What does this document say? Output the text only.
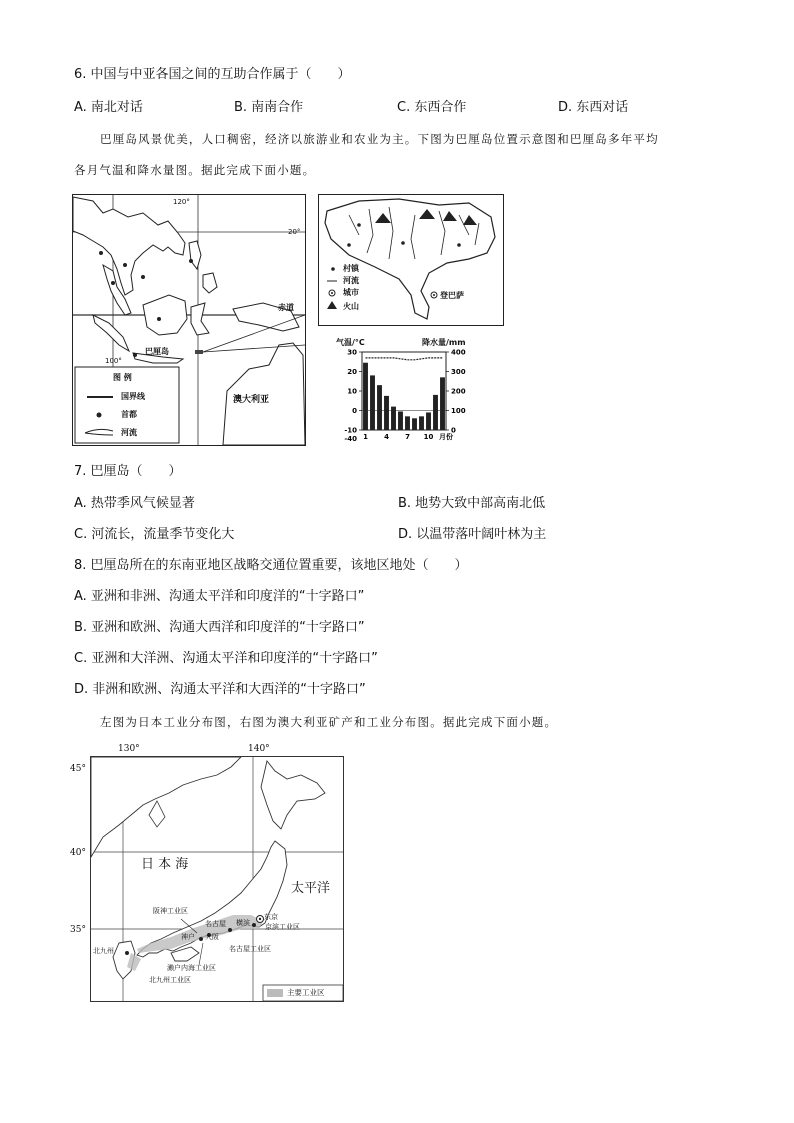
6. 中国与中亚各国之间的互助合作属于（　　）
A. 南北对话	B. 南南合作	C. 东西合作	D. 东西对话
巴厘岛风景优美，人口稠密，经济以旅游业和农业为主。下图为巴厘岛位置示意图和巴厘岛多年平均
各月气温和降水量图。据此完成下面小题。
120°
20°
100°
赤道
巴厘岛
澳大利亚
图 例
国界线
首都
河流
村镇
河流
城市
火山
登巴萨
气温/°C	降水量/mm
30
20
10
0
-10
-40
400
300
200
100
0
1 4 7 10 月份
7. 巴厘岛（　　）
A. 热带季风气候显著	B. 地势大致中部高南北低
C. 河流长，流量季节变化大	D. 以温带落叶阔叶林为主
8. 巴厘岛所在的东南亚地区战略交通位置重要，该地区地处（　　）
A. 亚洲和非洲、沟通太平洋和印度洋的“十字路口”
B. 亚洲和欧洲、沟通大西洋和印度洋的“十字路口”
C. 亚洲和大洋洲、沟通太平洋和印度洋的“十字路口”
D. 非洲和欧洲、沟通太平洋和大西洋的“十字路口”
左图为日本工业分布图，右图为澳大利亚矿产和工业分布图。据此完成下面小题。
130°	140°
45°
40°
35°
日 本 海
太平洋
阪神工业区
名古屋 横滨
东京
京滨工业区
神户 大阪
名古屋工业区
北九州
濑户内海工业区
北九州工业区
主要工业区
